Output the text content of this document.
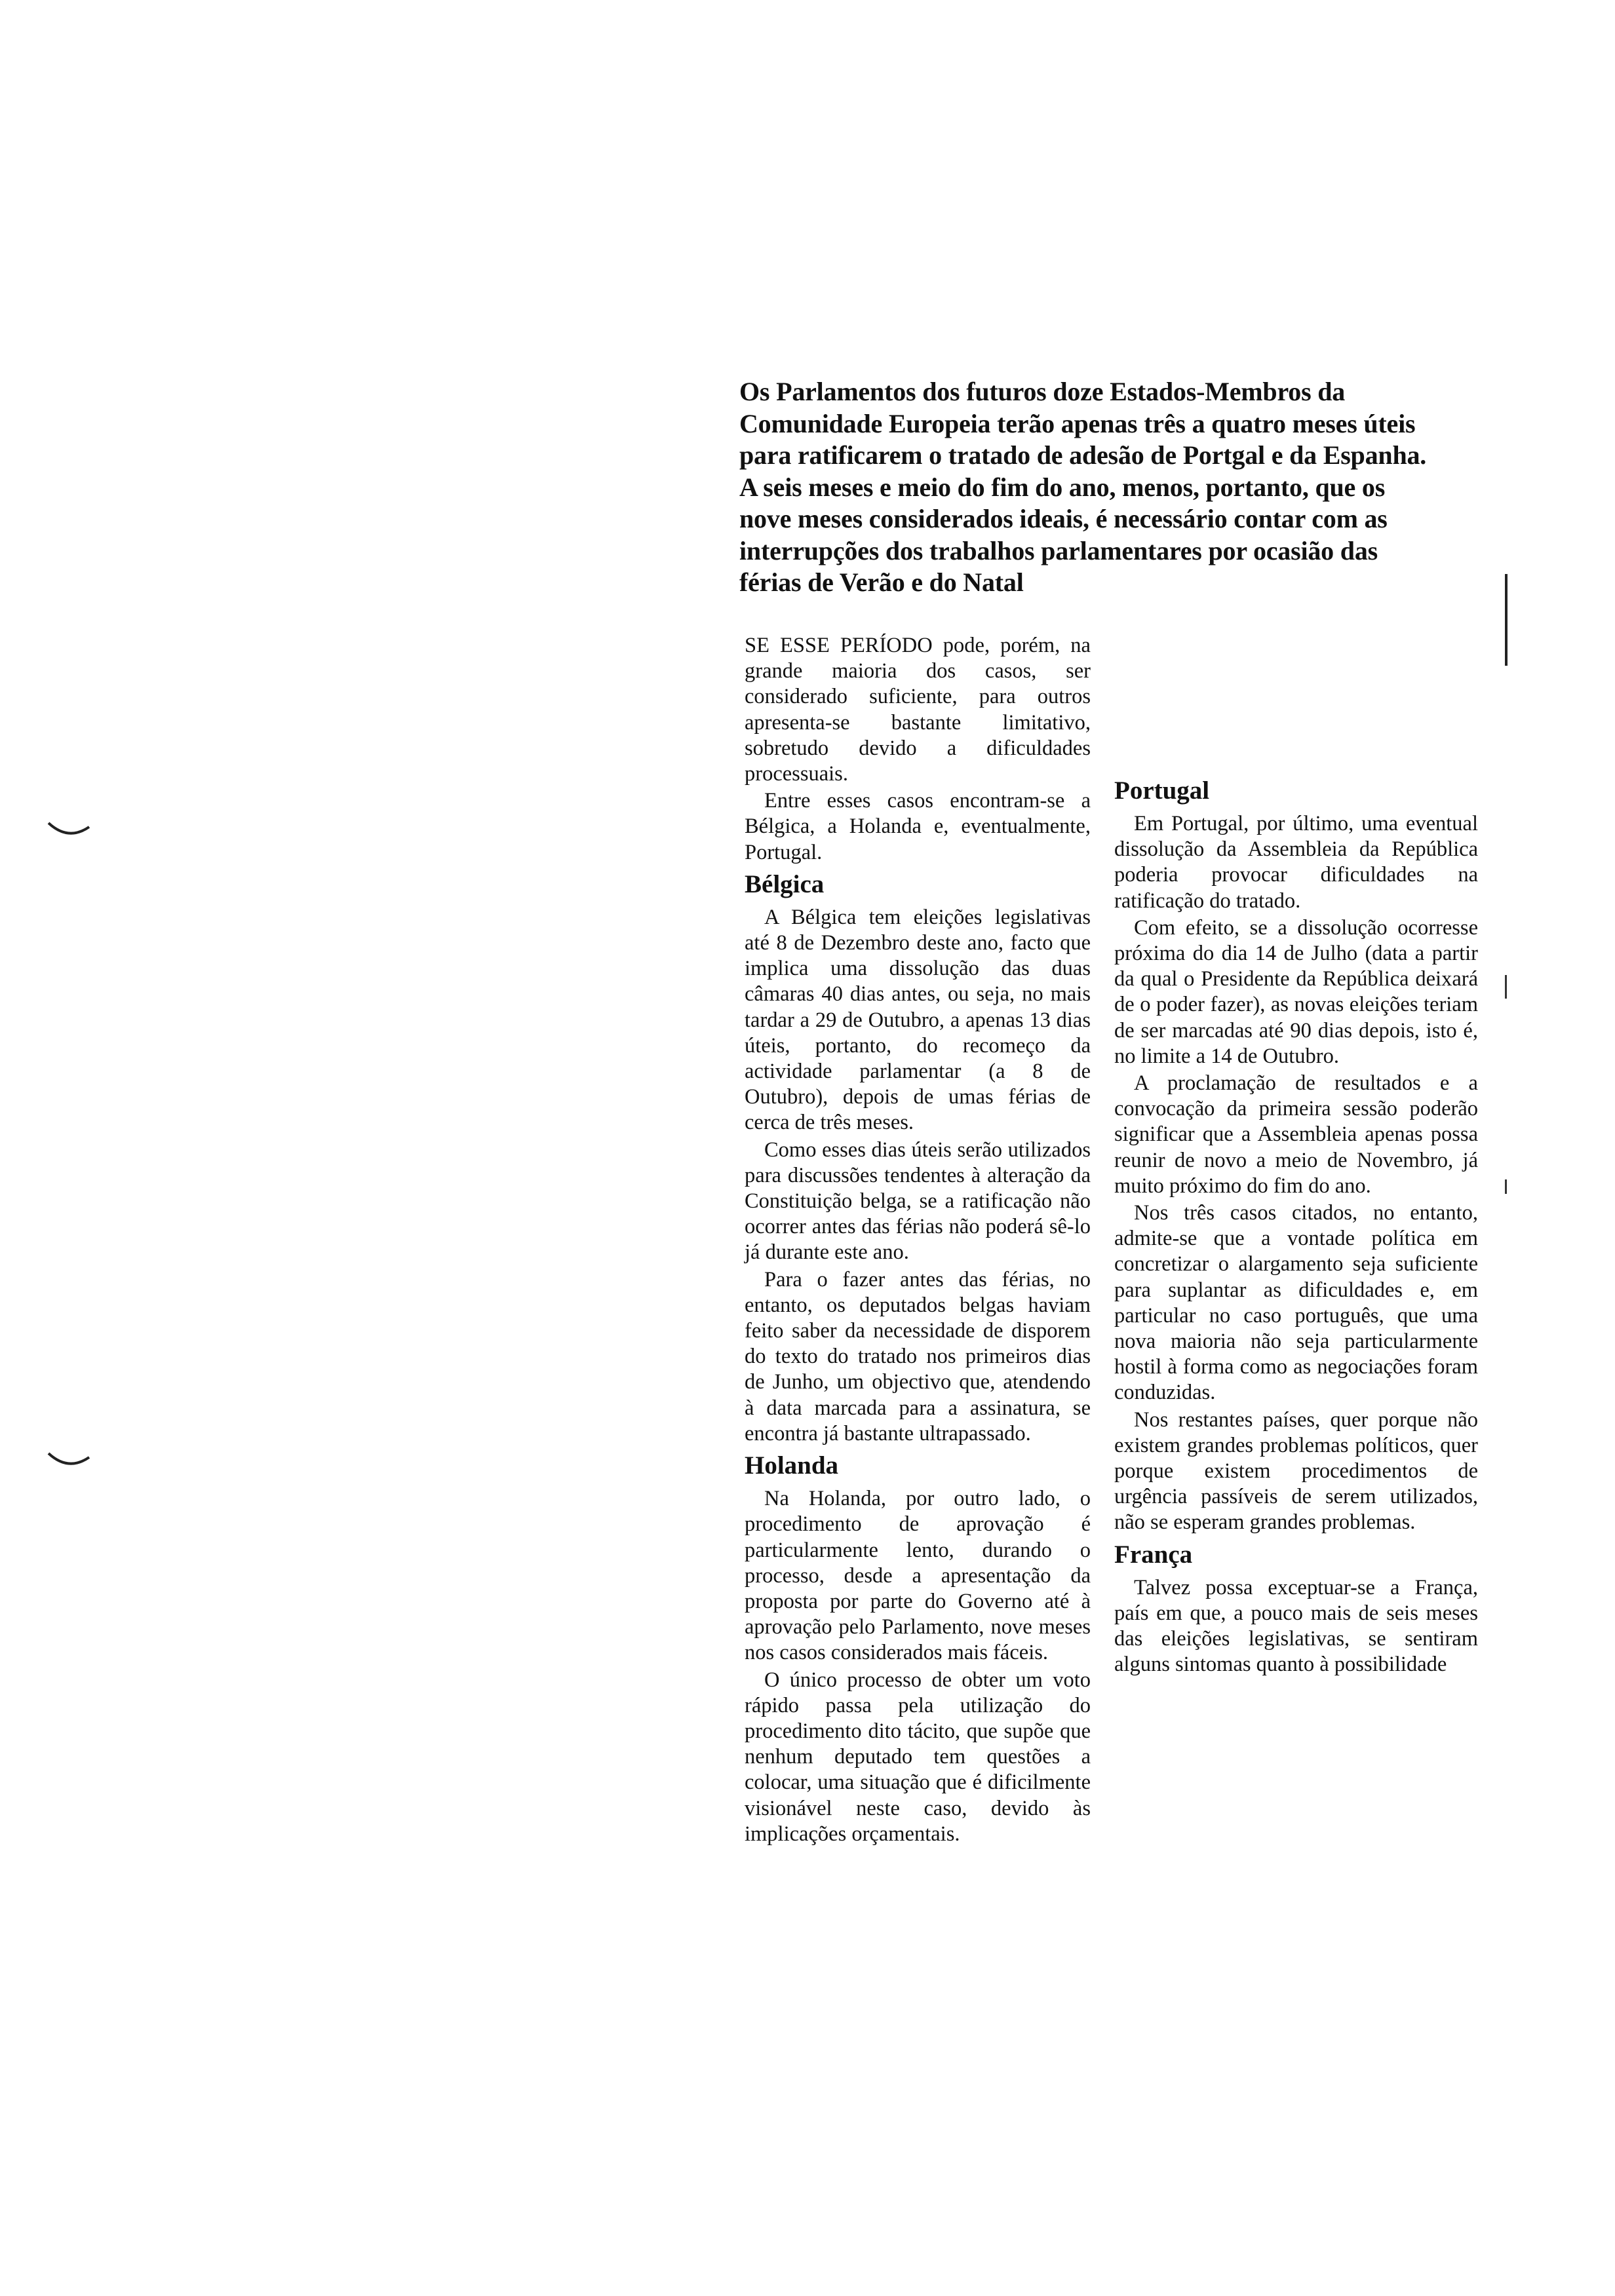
Os Parlamentos dos futuros doze Estados-Membros da Comunidade Europeia terão apenas três a quatro meses úteis para ratificarem o tratado de adesão de Portgal e da Espanha. A seis meses e meio do fim do ano, menos, portanto, que os nove meses considerados ideais, é necessário contar com as interrupções dos trabalhos parlamentares por ocasião das férias de Verão e do Natal

SE ESSE PERÍODO pode, porém, na grande maioria dos casos, ser considerado suficiente, para outros apresenta-se bastante limitativo, sobretudo devido a dificuldades processuais.

Entre esses casos encontram-se a Bélgica, a Holanda e, eventualmente, Portugal.

Bélgica

A Bélgica tem eleições legislativas até 8 de Dezembro deste ano, facto que implica uma dissolução das duas câmaras 40 dias antes, ou seja, no mais tardar a 29 de Outubro, a apenas 13 dias úteis, portanto, do recomeço da actividade parlamentar (a 8 de Outubro), depois de umas férias de cerca de três meses.

Como esses dias úteis serão utilizados para discussões tendentes à alteração da Constituição belga, se a ratificação não ocorrer antes das férias não poderá sê-lo já durante este ano.

Para o fazer antes das férias, no entanto, os deputados belgas haviam feito saber da necessidade de disporem do texto do tratado nos primeiros dias de Junho, um objectivo que, atendendo à data marcada para a assinatura, se encontra já bastante ultrapassado.

Holanda

Na Holanda, por outro lado, o procedimento de aprovação é particularmente lento, durando o processo, desde a apresentação da proposta por parte do Governo até à aprovação pelo Parlamento, nove meses nos casos considerados mais fáceis.

O único processo de obter um voto rápido passa pela utilização do procedimento dito tácito, que supõe que nenhum deputado tem questões a colocar, uma situação que é dificilmente visionável neste caso, devido às implicações orçamentais.

Portugal

Em Portugal, por último, uma eventual dissolução da Assembleia da República poderia provocar dificuldades na ratificação do tratado.

Com efeito, se a dissolução ocorresse próxima do dia 14 de Julho (data a partir da qual o Presidente da República deixará de o poder fazer), as novas eleições teriam de ser marcadas até 90 dias depois, isto é, no limite a 14 de Outubro.

A proclamação de resultados e a convocação da primeira sessão poderão significar que a Assembleia apenas possa reunir de novo a meio de Novembro, já muito próximo do fim do ano.

Nos três casos citados, no entanto, admite-se que a vontade política em concretizar o alargamento seja suficiente para suplantar as dificuldades e, em particular no caso português, que uma nova maioria não seja particularmente hostil à forma como as negociações foram conduzidas.

Nos restantes países, quer porque não existem grandes problemas políticos, quer porque existem procedimentos de urgência passíveis de serem utilizados, não se esperam grandes problemas.

França

Talvez possa exceptuar-se a França, país em que, a pouco mais de seis meses das eleições legislativas, se sentiram alguns sintomas quanto à possibilidade
